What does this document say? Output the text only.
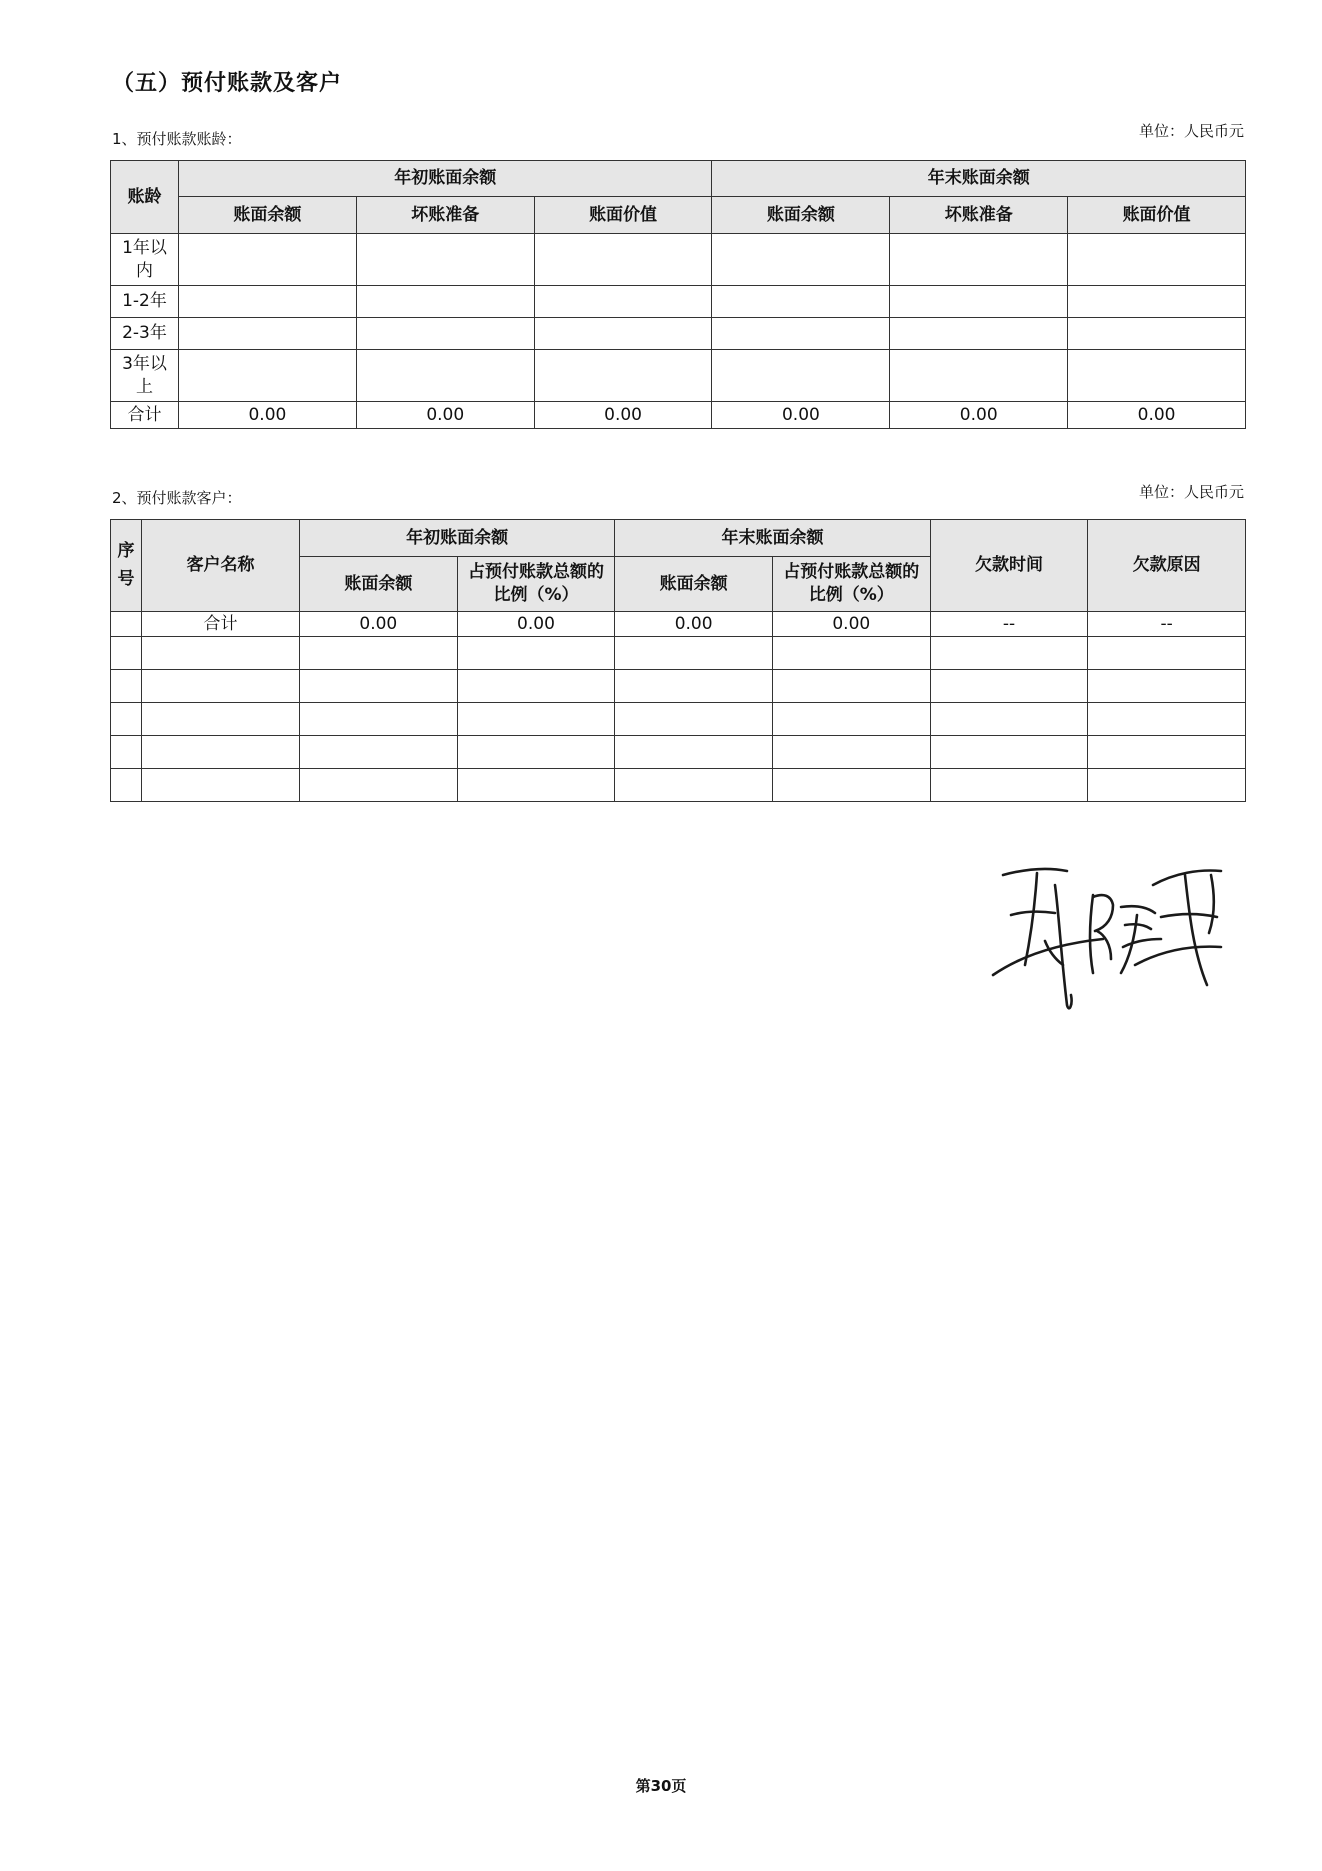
（五）预付账款及客户
1、预付账款账龄：	单位：人民币元
账龄	年初账面余额			年末账面余额		
	账面余额	坏账准备	账面价值	账面余额	坏账准备	账面价值
1年以内						
1-2年						
2-3年						
3年以上						
合计	0.00	0.00	0.00	0.00	0.00	0.00
2、预付账款客户：	单位：人民币元
序号	客户名称	年初账面余额		年末账面余额		欠款时间	欠款原因
		账面余额	占预付账款总额的比例（%）	账面余额	占预付账款总额的比例（%）		
	合计	0.00	0.00	0.00	0.00	--	--

第30页
